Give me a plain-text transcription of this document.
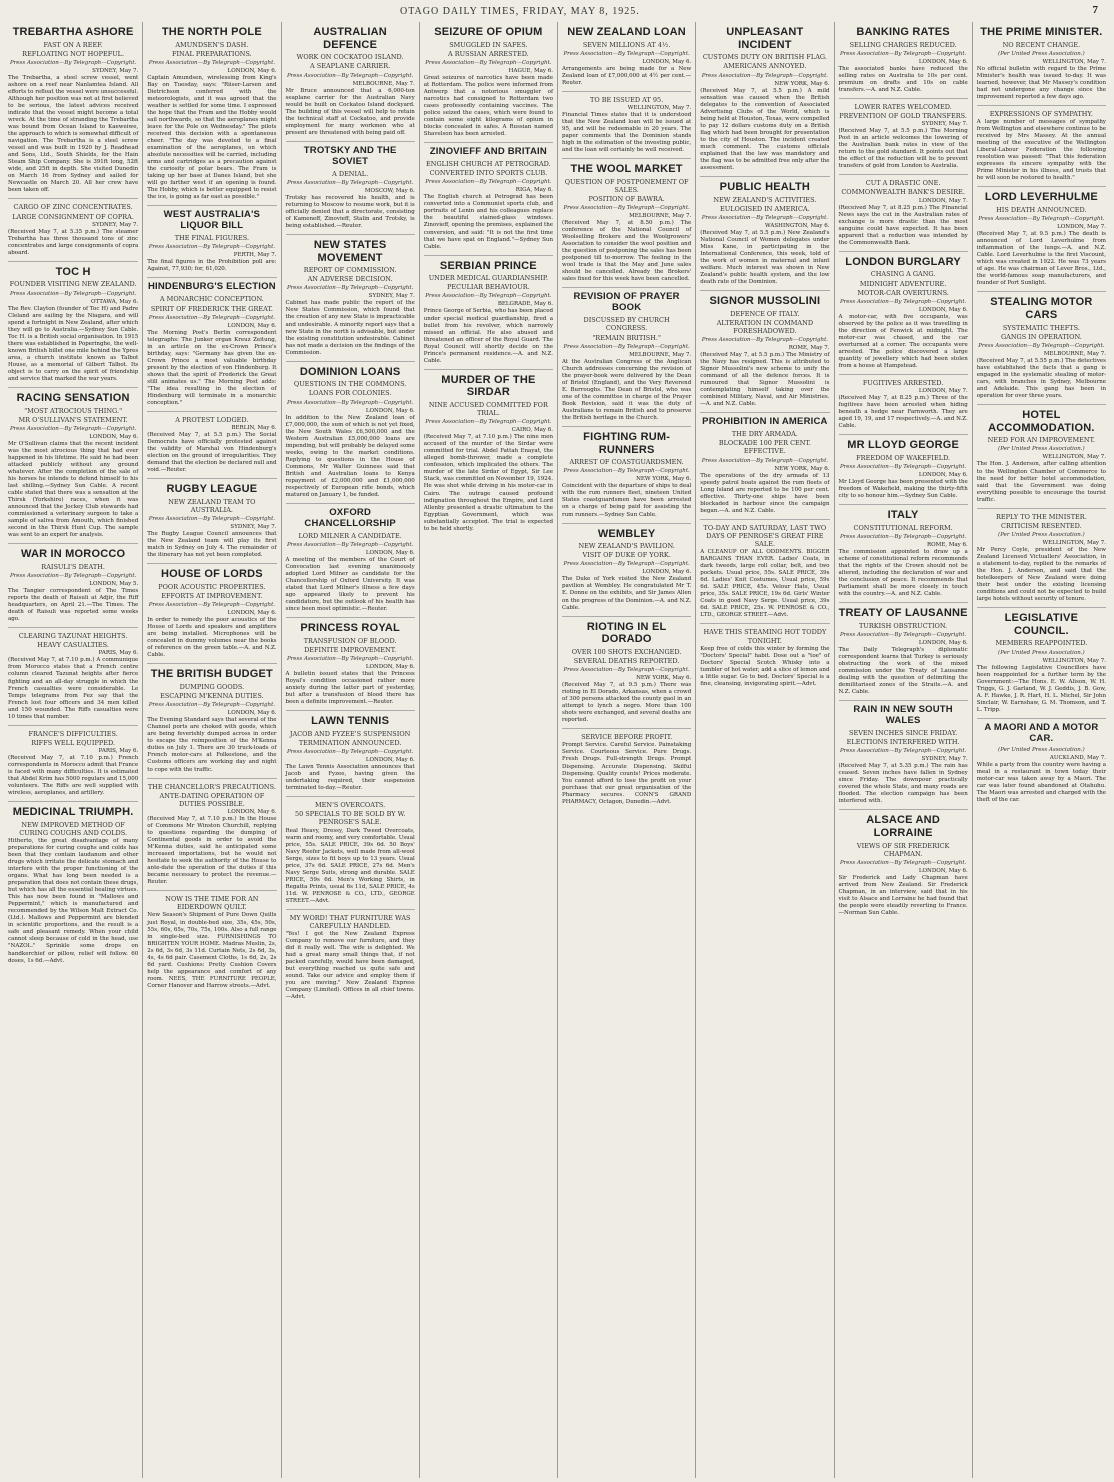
OTAGO DAILY TIMES, FRIDAY, MAY 8, 1925.	7
TREBARTHA ASHORE
FAST ON A REEF.
REFLOATING NOT HOPEFUL.
Press Association—By Telegraph—Copyright.
SYDNEY, May 7.

The Trebartha, a steel screw vessel, went ashore on a reef near Nanlamtea Island. All efforts to refloat the vessel were unsuccessful. Although her position was not at first believed to be serious, the latest advices received indicate that the vessel might become a total wreck. At the time of stranding the Trebartha was bound from Ocean Island to Kaeweiwe, the approach to which is somewhat difficult of navigation. The Trebartha is a steel screw vessel and was built in 1920 by J. Readhead and Sons, Ltd., South Shields, for the Hain Steam Ship Company. She is 391ft long, 52ft wide, and 25ft in depth. She visited Dunedin on March 16 from Sydney and sailed for Newcastle on March 20. All her crew have been taken off.

CARGO OF ZINC CONCENTRATES.
LARGE CONSIGNMENT OF COPRA.
SYDNEY, May 7.

(Received May 7, at 5.35 p.m.) The steamer Trebartha has three thousand tons of zinc concentrates and large consignments of copra aboard.

TOC H
FOUNDER VISITING NEW ZEALAND.
Press Association—By Telegraph—Copyright.
OTTAWA, May 6.

The Rev. Clayton (founder of Toc H) and Padre Cleland are sailing by the Niagara, and will spend a fortnight in New Zealand, after which they will go to Australia.—Sydney Sun Cable. Toc H. is a British social organisation. In 1915 there was established in Poperinghe, the well-known British billet one mile behind the Ypres area, a church institute known as Talbot House, as a memorial of Gilbert Talbot. Its object is to carry on the spirit of friendship and service that marked the war years.

RACING SENSATION
"MOST ATROCIOUS THING."
MR O'SULLIVAN'S STATEMENT.
Press Association—By Telegraph—Copyright.
LONDON, May 6.

Mr O'Sullivan claims that the recent incident was the most atrocious thing that had ever happened in his lifetime. He said he had been attacked publicly without any ground whatever. After the completion of the sale of his horses he intends to defend himself to his last shilling.—Sydney Sun Cable. A recent cable stated that there was a sensation at the Thirsk (Yorkshire) races, when it was announced that the Jockey Club stewards had commissioned a veterinary surgeon to take a sample of saliva from Amouth, which finished second in the Thirsk Hunt Cup. The sample was sent to an expert for analysis.

WAR IN MOROCCO
RAISULI'S DEATH.
Press Association—By Telegraph—Copyright.
LONDON, May 5.

The Tangier correspondent of The Times reports the death of Raisuli at Adjir, the Riff headquarters, on April 21.—The Times. The death of Raisuli was reported some weeks ago.

CLEARING TAZUNAT HEIGHTS.
HEAVY CASUALTIES.
PARIS, May 6.

(Received May 7, at 7.10 p.m.) A communique from Morocco states that a French centre column cleared Tazunat heights after fierce fighting and an all-day struggle in which the French casualties were considerable. Le Temps telegrams from Fez say that the French lost four officers and 34 men killed and 150 wounded. The Riffs casualties were 10 times that number.

FRANCE'S DIFFICULTIES.
RIFFS WELL EQUIPPED.
PARIS, May 6.

(Received May 7, at 7.10 p.m.) French correspondents in Morocco admit that France is faced with many difficulties. It is estimated that Abdel Krim has 5000 regulars and 15,000 volunteers. The Riffs are well supplied with wireless, aeroplanes, and artillery.

MEDICINAL TRIUMPH.
NEW IMPROVED METHOD OF CURING COUGHS AND COLDS.

Hitherto, the great disadvantage of many preparations for curing coughs and colds has been that they contain laudanum and other drugs which irritate the delicate stomach and interfere with the proper functioning of the organs. What has long been needed is a preparation that does not contain these drugs, but which has all the essential healing virtues. This has now been found in "Mallows and Peppermint," which is manufactured and recommended by the Wilson Malt Extract Co. (Ltd.). Mallows and Peppermint are blended in scientific proportions, and the result is a safe and pleasant remedy. When your child cannot sleep because of cold in the head, use "NAZOL." Sprinkle some drops on handkerchief or pillow, relief will follow. 60 doses, 1s 6d.—Advt.

THE NORTH POLE
AMUNDSEN'S DASH.
FINAL PREPARATIONS.
Press Association—By Telegraph—Copyright.
LONDON, May 6.

Captain Amundsen, wirelessing from King's Bay on Tuesday, says: "Riiser-Larsen and Dietrichson conferred with the meteorologists, and it was agreed that the weather is settled for some time. I expressed the hope that the Fram and the Hobby would sail northwards, so that the aeroplanes might leave for the Pole on Wednesday." The pilots received this decision with a spontaneous cheer. "The day was devoted to a final examination of the aeroplanes, on which absolute necessities will be carried, including arms and cartridges as a precaution against the curiosity of polar bears. The Fram is taking up her base at Danes Island, but she will go farther west if an opening is found. The Hobby, which is better equipped to resist the ice, is going as far east as possible."

WEST AUSTRALIA'S LIQUOR BILL
THE FINAL FIGURES.
Press Association—By Telegraph—Copyright.
PERTH, May 7.

The final figures in the Prohibition poll are: Against, 77,930; for, 61,020.

HINDENBURG'S ELECTION
A MONARCHIC CONCEPTION.
SPIRIT OF FREDERICK THE GREAT.
Press Association—By Telegraph—Copyright.
LONDON, May 6.

The Morning Post's Berlin correspondent telegraphs: The Junker organ Kreuz Zeitung, in an article on the ex-Crown Prince's birthday, says: "Germany has given the ex-Crown Prince a most valuable birthday present by the election of von Hindenburg. It shows that the spirit of Frederick the Great still animates us." The Morning Post adds: "The idea resulting in the election of Hindenburg will terminate in a monarchic conception."

A PROTEST LODGED.
BERLIN, May 6.

(Received May 7, at 5.5 p.m.) The Social Democrats have officially protested against the validity of Marshal von Hindenburg's election on the ground of irregularities. They demand that the election be declared null and void.—Reuter.

RUGBY LEAGUE
NEW ZEALAND TEAM TO AUSTRALIA.
Press Association—By Telegraph—Copyright.
SYDNEY, May 7.

The Rugby League Council announces that the New Zealand team will play its first match in Sydney on July 4. The remainder of the itinerary has not yet been completed.

HOUSE OF LORDS
POOR ACOUSTIC PROPERTIES.
EFFORTS AT IMPROVEMENT.
Press Association—By Telegraph—Copyright.
LONDON, May 6.

In order to remedy the poor acoustics of the House of Lords and speakers and amplifiers are being installed. Microphones will be concealed in dummy volumes near the books of reference on the green table.—A. and N.Z. Cable.

THE BRITISH BUDGET
DUMPING GOODS.
ESCAPING M'KENNA DUTIES.
Press Association—By Telegraph—Copyright.
LONDON, May 6.

The Evening Standard says that several of the Channel ports are choked with goods, which are being feverishly dumped across in order to escape the reimposition of the M'Kenna duties on July 1. There are 30 truck-loads of French motor-cars at Folkestone, and the Customs officers are working day and night to cope with the traffic.

THE CHANCELLOR'S PRECAUTIONS.
ANTE-DATING OPERATION OF DUTIES POSSIBLE.
LONDON, May 6.

(Received May 7, at 7.10 p.m.) In the House of Commons Mr Winston Churchill, replying to questions regarding the dumping of Continental goods in order to avoid the M'Kenna duties, said he anticipated some increased importations, but he would not hesitate to seek the authority of the House to ante-date the operation of the duties if this became necessary to protect the revenue.—Reuter.

NOW IS THE TIME FOR AN EIDERDOWN QUILT.

New Season's Shipment of Pure Down Quilts just Royal, in double-bed size, 35s, 45s, 50s, 55s, 60s, 65s, 70s, 75s, 100s. Also a full range in single-bed size. FURNISHINGS TO BRIGHTEN YOUR HOME. Madras Muslin, 2s, 2s 6d, 3s 6d, 3s 11d. Curtain Nets, 2s 6d, 3s, 4s, 4s 6d pair. Casement Cloths, 1s 6d, 2s, 2s 6d yard. Cushions: Pretty Cushion Covers help the appearance and comfort of any room. NEES, THE FURNITURE PEOPLE, Corner Hanover and Harrow streets.—Advt.

AUSTRALIAN DEFENCE
WORK ON COCKATOO ISLAND.
A SEAPLANE CARRIER.
Press Association—By Telegraph—Copyright.
MELBOURNE, May 7.

Mr Bruce announced that a 6,000-ton seaplane carrier for the Australian Navy would be built on Cockatoo Island dockyard. The building of this vessel will help to retain the technical staff at Cockatoo, and provide employment for many workmen who at present are threatened with being paid off.

TROTSKY AND THE SOVIET
A DENIAL.
Press Association—By Telegraph—Copyright.
MOSCOW, May 6.

Trotsky has recovered his health, and is returning to Moscow to resume work, but it is officially denied that a directorate, consisting of Kameneff, Zinovieff, Stalin and Trotsky, is being established.—Reuter.

NEW STATES MOVEMENT
REPORT OF COMMISSION.
AN ADVERSE DECISION.
Press Association—By Telegraph—Copyright.
SYDNEY, May 7.

Cabinet has made public the report of the New States Commission, which found that the creation of any new State is impracticable and undesirable. A minority report says that a new State in the north is advisable, but under the existing constitution undesirable. Cabinet has not made a decision on the findings of the Commission.

DOMINION LOANS
QUESTIONS IN THE COMMONS.
LOANS FOR COLONIES.
Press Association—By Telegraph—Copyright.
LONDON, May 6.

In addition to the New Zealand loan of £7,000,000, the sum of which is not yet fixed, the New South Wales £6,500,000 and the Western Australian £5,000,000 loans are impending, but will probably be delayed some weeks, owing to the market conditions. Replying to questions in the House of Commons, Mr Walter Guinness said that British and Australian loans to Kenya repayment of £2,000,000 and £1,000,000 respectively of European rifle bonds, which matured on January 1, be funded.

OXFORD CHANCELLORSHIP
LORD MILNER A CANDIDATE.
Press Association—By Telegraph—Copyright.
LONDON, May 6.

A meeting of the members of the Court of Convocation last evening unanimously adopted Lord Milner as candidate for the Chancellorship of Oxford University. It was stated that Lord Milner's illness a few days ago appeared likely to prevent his candidature, but the outlook of his health has since been most optimistic.—Reuter.

PRINCESS ROYAL
TRANSFUSION OF BLOOD.
DEFINITE IMPROVEMENT.
Press Association—By Telegraph—Copyright.
LONDON, May 6.

A bulletin issued states that the Princess Royal's condition occasioned rather more anxiety during the latter part of yesterday, but after a transfusion of blood there has been a definite improvement.—Reuter.

LAWN TENNIS
JACOB AND FYZEE'S SUSPENSION
TERMINATION ANNOUNCED.
Press Association—By Telegraph—Copyright.
LONDON, May 6.

The Lawn Tennis Association announces that Jacob and Fyzee, having given the undertaking required, their suspension terminated to-day.—Reuter.

MEN'S OVERCOATS.
50 SPECIALS TO BE SOLD BY W. PENROSE'S SALE.

Real Heavy, Dressy, Dark Tweed Overcoats, warm and roomy, and very comfortable. Usual price, 55s. SALE PRICE, 39s 6d. 50 Boys' Navy Reefer Jackets, well made from all-wool Serge, sizes to fit boys up to 13 years. Usual price, 37s 6d. SALE PRICE, 27s 6d. Men's Navy Serge Suits, strong and durable. SALE PRICE, 59s 6d. Men's Working Shirts, in Regatta Prints, usual 6s 11d, SALE PRICE, 4s 11d. W. PENROSE & CO., LTD., GEORGE STREET.—Advt.

MY WORD! THAT FURNITURE WAS CAREFULLY HANDLED.

"Yes! I got the New Zealand Express Company to remove our furniture, and they did it really well. The wife is delighted. We had a great many small things that, if not packed carefully, would have been damaged, but everything reached us quite safe and sound. Take our advice and employ them if you are moving." New Zealand Express Company (Limited). Offices in all chief towns.—Advt.

SEIZURE OF OPIUM
SMUGGLED IN SAFES.
A RUSSIAN ARRESTED.
Press Association—By Telegraph—Copyright.
HAGUE, May 6.

Great seizures of narcotics have been made at Rotterdam. The police were informed from Antwerp that a notorious smuggler of narcotics had consigned to Rotterdam two cases professedly containing vaccines. The police seized the cases, which were found to contain some eight kilograms of opium in blocks concealed in safes. A Russian named Shavelson has been arrested.

ZINOVIEFF AND BRITAIN
ENGLISH CHURCH AT PETROGRAD.
CONVERTED INTO SPORTS CLUB.
Press Association—By Telegraph—Copyright.
RIGA, May 6.

The English church at Petrograd has been converted into a Communist sports club, and portraits of Lenin and his colleagues replace the beautiful stained-glass windows. Zinovieff, opening the premises, explained the conversion, and said: "It is not the first time that we have spat on England."—Sydney Sun Cable.

SERBIAN PRINCE
UNDER MEDICAL GUARDIANSHIP.
PECULIAR BEHAVIOUR.
Press Association—By Telegraph—Copyright.
BELGRADE, May 6.

Prince George of Serbia, who has been placed under special medical guardianship, fired a bullet from his revolver, which narrowly missed an official. He also abused and threatened an officer of the Royal Guard. The Royal Council will shortly decide on the Prince's permanent residence.—A. and N.Z. Cable.

MURDER OF THE SIRDAR
NINE ACCUSED COMMITTED FOR TRIAL.
Press Association—By Telegraph—Copyright.
CAIRO, May 6.

(Received May 7, at 7.10 p.m.) The nine men accused of the murder of the Sirdar were committed for trial. Abdel Fattah Enayat, the alleged bomb-thrower, made a complete confession, which implicated the others. The murder of the late Sirdar of Egypt, Sir Lee Stack, was committed on November 19, 1924. He was shot while driving in his motor-car in Cairo. The outrage caused profound indignation throughout the Empire, and Lord Allenby presented a drastic ultimatum to the Egyptian Government, which was substantially accepted. The trial is expected to be held shortly.

NEW ZEALAND LOAN
SEVEN MILLIONS AT 4½.
Press Association—By Telegraph—Copyright.
LONDON, May 6.

Arrangements are being made for a New Zealand loan of £7,000,000 at 4½ per cent.—Reuter.

TO BE ISSUED AT 95.
WELLINGTON, May 7.

Financial Times states that it is understood that the New Zealand loan will be issued at 95, and will be redeemable in 20 years. The paper comments that the Dominion stands high in the estimation of the investing public, and the loan will certainly be well received.

THE WOOL MARKET
QUESTION OF POSTPONEMENT OF SALES.
POSITION OF BAWRA.
Press Association—By Telegraph—Copyright.
MELBOURNE, May 7.

(Received May 7, at 8.50 p.m.) The conference of the National Council of Woolselling Brokers and the Woolgrowers' Association to consider the wool position and the question of postponing the sales has been postponed till to-morrow. The feeling in the wool trade is that the May and June sales should be cancelled. Already the Brokers' sales fixed for this week have been cancelled.

REVISION OF PRAYER BOOK
DISCUSSED BY CHURCH CONGRESS.
"REMAIN BRITISH."
Press Association—By Telegraph—Copyright.
MELBOURNE, May 7.

At the Australian Congress of the Anglican Church addresses concerning the revision of the prayer-book were delivered by the Dean of Bristol (England), and the Very Reverend E. Burroughs. The Dean of Bristol, who was one of the committee in charge of the Prayer Book Revision, said it was the duty of Australians to remain British and to preserve the British heritage in the Church.

FIGHTING RUM-RUNNERS
ARREST OF COASTGUARDSMEN.
Press Association—By Telegraph—Copyright.
NEW YORK, May 6.

Coincident with the departure of ships to deal with the rum runners fleet, nineteen United States coastguardsmen have been arrested on a charge of being paid for assisting the rum runners.—Sydney Sun Cable.

WEMBLEY
NEW ZEALAND'S PAVILION.
VISIT OF DUKE OF YORK.
Press Association—By Telegraph—Copyright.
LONDON, May 6.

The Duke of York visited the New Zealand pavilion at Wembley. He congratulated Mr T. E. Donne on the exhibits, and Sir James Allen on the progress of the Dominion.—A. and N.Z. Cable.

RIOTING IN EL DORADO
OVER 100 SHOTS EXCHANGED.
SEVERAL DEATHS REPORTED.
Press Association—By Telegraph—Copyright.
NEW YORK, May 6.

(Received May 7, at 9.5 p.m.) There was rioting in El Dorado, Arkansas, when a crowd of 300 persons attacked the county gaol in an attempt to lynch a negro. More than 100 shots were exchanged, and several deaths are reported.

SERVICE BEFORE PROFIT.

Prompt Service. Careful Service. Painstaking Service. Courteous Service. Pure Drugs. Fresh Drugs. Full-strength Drugs. Prompt Dispensing. Accurate Dispensing. Skilful Dispensing. Quality counts! Prices moderate. You cannot afford to lose the profit on your purchase that our great organisation of the Pharmacy secures. CONN'S GRAND PHARMACY, Octagon, Dunedin.—Advt.

UNPLEASANT INCIDENT
CUSTOMS DUTY ON BRITISH FLAG.
AMERICANS ANNOYED.
Press Association—By Telegraph—Copyright.
NEW YORK, May 6.

(Received May 7, at 5.5 p.m.) A mild sensation was caused when the British delegates to the convention of Associated Advertising Clubs of the World, which is being held at Houston, Texas, were compelled to pay 12 dollars customs duty on a British flag which had been brought for presentation to the city of Houston. The incident created much comment. The customs officials explained that the law was mandatory and the flag was to be admitted free only after the assessment.

PUBLIC HEALTH
NEW ZEALAND'S ACTIVITIES.
EULOGISED IN AMERICA.
Press Association—By Telegraph—Copyright.
WASHINGTON, May 6.

(Received May 7, at 5.5 p.m.) New Zealand's National Council of Women delegates under Miss Kane, in participating in the International Conference, this week, told of the work of women in maternal and infant welfare. Much interest was shown in New Zealand's public health system, and the low death rate of the Dominion.

SIGNOR MUSSOLINI
DEFENCE OF ITALY.
ALTERATION IN COMMAND FORESHADOWED.
Press Association—By Telegraph—Copyright.
ROME, May 7.

(Received May 7, at 5.5 p.m.) The Ministry of the Navy has resigned. This is attributed to Signor Mussolini's new scheme to unify the command of all the defence forces. It is rumoured that Signor Mussolini is contemplating himself taking over the combined Military, Naval, and Air Ministries.—A. and N.Z. Cable.

PROHIBITION IN AMERICA
THE DRY ARMADA.
BLOCKADE 100 PER CENT. EFFECTIVE.
Press Association—By Telegraph—Copyright.
NEW YORK, May 6.

The operations of the dry armada of 13 speedy patrol boats against the rum fleets of Long Island are reported to be 100 per cent. effective. Thirty-one ships have been blockaded in harbour since the campaign began.—A. and N.Z. Cable.

TO-DAY AND SATURDAY, LAST TWO DAYS OF PENROSE'S GREAT FIRE SALE.

A CLEANUP OF ALL ODDMENTS. BIGGER BARGAINS THAN EVER. Ladies' Coats, in dark tweeds, large roll collar, belt, and two pockets. Usual price, 55s. SALE PRICE, 39s 6d. Ladies' Knit Costumes, Usual price, 59s 6d. SALE PRICE, 45s. Velour Hats, Usual price, 35s. SALE PRICE, 19s 6d. Girls' Winter Coats in good Navy Serge. Usual price, 39s 6d. SALE PRICE, 25s. W. PENROSE & CO., LTD., GEORGE STREET.—Advt.

HAVE THIS STEAMING HOT TODDY TONIGHT.

Keep free of colds this winter by forming the "Doctors' Special" habit. Dose out a "toe" of Doctors' Special Scotch Whisky into a tumbler of hot water, add a slice of lemon and a little sugar. Go to bed. Doctors' Special is a fine, cleansing, invigorating spirit.—Advt.

BANKING RATES
SELLING CHARGES REDUCED.
Press Association—By Telegraph—Copyright.
LONDON, May 6.

The associated banks have reduced the selling rates on Australia to 10s per cent. premium on drafts and 10s on cable transfers.—A. and N.Z. Cable.

LOWER RATES WELCOMED.
PREVENTION OF GOLD TRANSFERS.
SYDNEY, May 7.

(Received May 7, at 5.5 p.m.) The Morning Post in an article welcomes the lowering of the Australian bank rates in view of the return to the gold standard. It points out that the effect of the reduction will be to prevent transfers of gold from London to Australia.

CUT A DRASTIC ONE.
COMMONWEALTH BANK'S DESIRE.
LONDON, May 7.

(Received May 7, at 8.25 p.m.) The Financial News says the cut in the Australian rates of exchange is more drastic than the most sanguine could have expected. It has been apparent that a reduction was intended by the Commonwealth Bank.

LONDON BURGLARY
CHASING A GANG.
MIDNIGHT ADVENTURE.
MOTOR-CAR OVERTURNS.
Press Association—By Telegraph—Copyright.
LONDON, May 6.

A motor-car, with five occupants, was observed by the police as it was travelling in the direction of Fenwick at midnight. The motor-car was chased, and the car overturned at a corner. The occupants were arrested. The police discovered a large quantity of jewellery which had been stolen from a house at Hampstead.

FUGITIVES ARRESTED.
LONDON, May 7.

(Received May 7, at 8.25 p.m.) Three of the fugitives have been arrested when hiding beneath a hedge near Farnworth. They are aged 19, 19, and 17 respectively.—A. and N.Z. Cable.

MR LLOYD GEORGE
FREEDOM OF WAKEFIELD.
Press Association—By Telegraph—Copyright.
LONDON, May 6.

Mr Lloyd George has been presented with the freedom of Wakefield, making the thirty-fifth city to so honour him.—Sydney Sun Cable.

ITALY
CONSTITUTIONAL REFORM.
Press Association—By Telegraph—Copyright.
ROME, May 6.

The commission appointed to draw up a scheme of constitutional reform recommends that the rights of the Crown should not be altered, including the declaration of war and the conclusion of peace. It recommends that Parliament shall be more closely in touch with the country.—A. and N.Z. Cable.

TREATY OF LAUSANNE
TURKISH OBSTRUCTION.
Press Association—By Telegraph—Copyright.
LONDON, May 6.

The Daily Telegraph's diplomatic correspondent learns that Turkey is seriously obstructing the work of the mixed commission under the Treaty of Lausanne dealing with the question of delimiting the demilitarised zones of the Straits.—A. and N.Z. Cable.

RAIN IN NEW SOUTH WALES
SEVEN INCHES SINCE FRIDAY.
ELECTIONS INTERFERED WITH.
Press Association—By Telegraph—Copyright.
SYDNEY, May 7.

(Received May 7, at 5.35 p.m.) The rain has ceased. Seven inches have fallen in Sydney since Friday. The downpour practically covered the whole State, and many roads are flooded. The election campaign has been interfered with.

ALSACE AND LORRAINE
VIEWS OF SIR FREDERICK CHAPMAN.
Press Association—By Telegraph—Copyright.
LONDON, May 6.

Sir Frederick and Lady Chapman have arrived from New Zealand. Sir Frederick Chapman, in an interview, said that in his visit to Alsace and Lorraine he had found that the people were steadily reverting to France.—Norman Sun Cable.

THE PRIME MINISTER.
NO RECENT CHANGE.
(Per United Press Association.)
WELLINGTON, May 7.

No official bulletin with regard to the Prime Minister's health was issued to-day. It was learned, however, that Mr Massey's condition had not undergone any change since the improvement reported a few days ago.

EXPRESSIONS OF SYMPATHY.

A large number of messages of sympathy from Wellington and elsewhere continue to be received by Mrs Massey. At the annual meeting of the executive of the Wellington Liberal-Labour Federation the following resolution was passed: "That this federation expresses its sincere sympathy with the Prime Minister in his illness, and trusts that he will soon be restored to health."

LORD LEVERHULME
HIS DEATH ANNOUNCED.
Press Association—By Telegraph—Copyright.
LONDON, May 7.

(Received May 7, at 9.5 p.m.) The death is announced of Lord Leverhulme from inflammation of the lungs.—A. and N.Z. Cable. Lord Leverhulme is the first Viscount, which was created in 1922. He was 73 years of age. He was chairman of Lever Bros., Ltd., the world-famous soap manufacturers, and founder of Port Sunlight.

STEALING MOTOR CARS
SYSTEMATIC THEFTS.
GANGS IN OPERATION.
Press Association—By Telegraph—Copyright.
MELBOURNE, May 7.

(Received May 7, at 5.55 p.m.) The detectives have established the facts that a gang is engaged in the systematic stealing of motor-cars, with branches in Sydney, Melbourne and Adelaide. This gang has been in operation for over three years.

HOTEL ACCOMMODATION.
NEED FOR AN IMPROVEMENT.
(Per United Press Association.)
WELLINGTON, May 7.

The Hon. J. Anderson, after calling attention to the Wellington Chamber of Commerce to the need for better hotel accommodation, said that the Government was doing everything possible to encourage the tourist traffic.

REPLY TO THE MINISTER.
CRITICISM RESENTED.
(Per United Press Association.)
WELLINGTON, May 7.

Mr Percy Coyle, president of the New Zealand Licensed Victuallers' Association, in a statement to-day, replied to the remarks of the Hon. J. Anderson, and said that the hotelkeepers of New Zealand were doing their best under the existing licensing conditions and could not be expected to build large hotels without security of tenure.

LEGISLATIVE COUNCIL.
MEMBERS REAPPOINTED.
(Per United Press Association.)
WELLINGTON, May 7.

The following Legislative Councillors have been reappointed for a further term by the Government:—The Hons. E. W. Alison, W. H. Triggs, G. J. Garland, W. J. Geddis, J. B. Gow, A. F. Hawke, J. R. Hart, H. L. Michel, Sir John Sinclair, W. Earnshaw, G. M. Thomson, and T. L. Tripp.

A MAORI AND A MOTOR CAR.
(Per United Press Association.)
AUCKLAND, May 7.

While a party from the country were having a meal in a restaurant in town today their motor-car was taken away by a Maori. The car was later found abandoned at Otahuhu. The Maori was arrested and charged with the theft of the car.
